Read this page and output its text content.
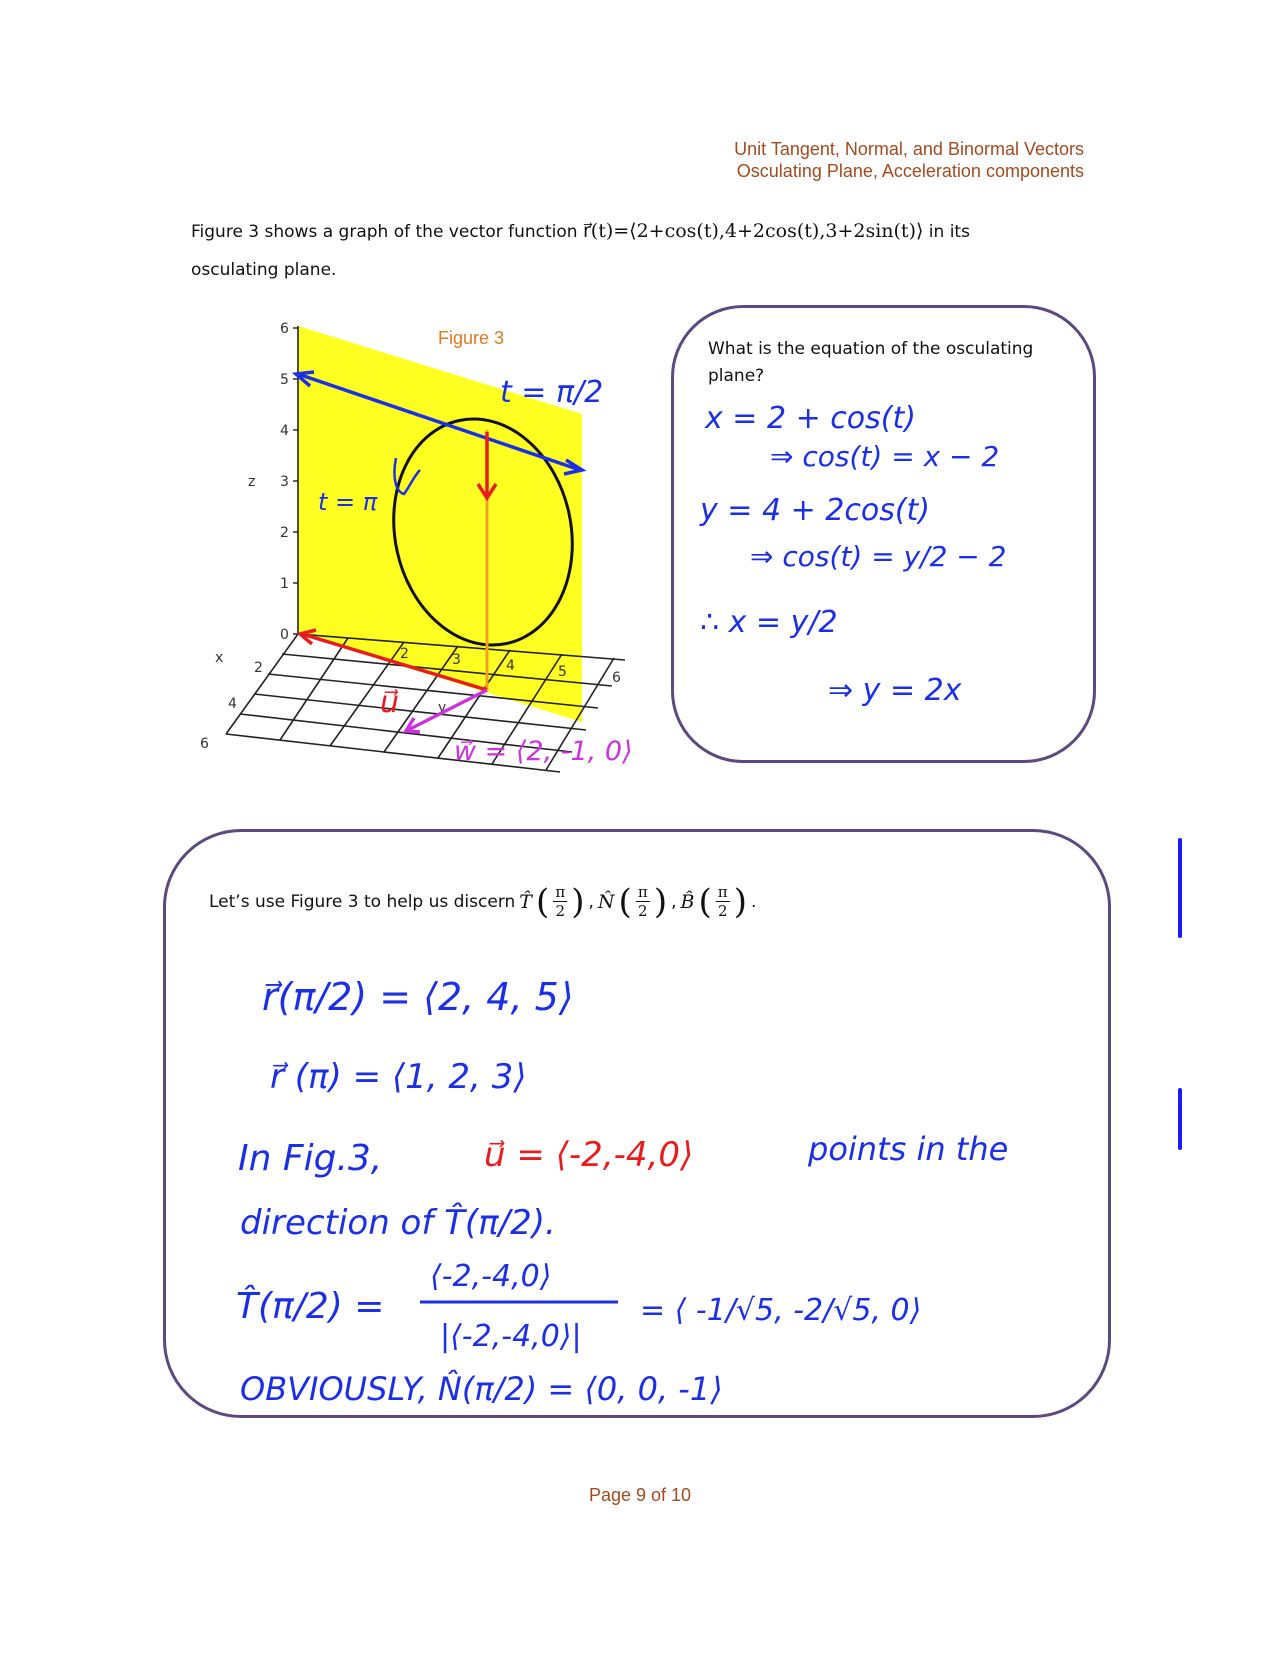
Unit Tangent, Normal, and Binormal Vectors
Osculating Plane, Acceleration components
Figure 3 shows a graph of the vector function r⃗(t)=⟨2+cos(t),4+2cos(t),3+2sin(t)⟩ in its
osculating plane.
0
1
2
3
4
5
6
z
2	3	4	5	6
y
2
4
6
x
t = π/2
t = π
u⃗
w⃗ = ⟨2, -1, 0⟩
Figure 3
What is the equation of the osculating plane?
Let’s use Figure 3 to help us discern T̂ ( $\frac{\pi}{2}$ ) , N̂ ( $\frac{\pi}{2}$ ) , B̂ ( $\frac{\pi}{2}$ ) .
x = 2 + cos(t)
⇒ cos(t) = x − 2
y = 4 + 2cos(t)
⇒ cos(t) = y/2 − 2
∴ x = y/2
⇒ y = 2x
r⃗(π/2) = ⟨2, 4, 5⟩
r⃗ (π) = ⟨1, 2, 3⟩
In Fig.3,	u⃗ = ⟨-2,-4,0⟩	points in the
direction of T̂(π/2).
T̂(π/2) =
⟨-2,-4,0⟩
|⟨-2,-4,0⟩|
= ⟨ -1/√5, -2/√5, 0⟩
OBVIOUSLY, N̂(π/2) = ⟨0, 0, -1⟩
Page 9 of 10
